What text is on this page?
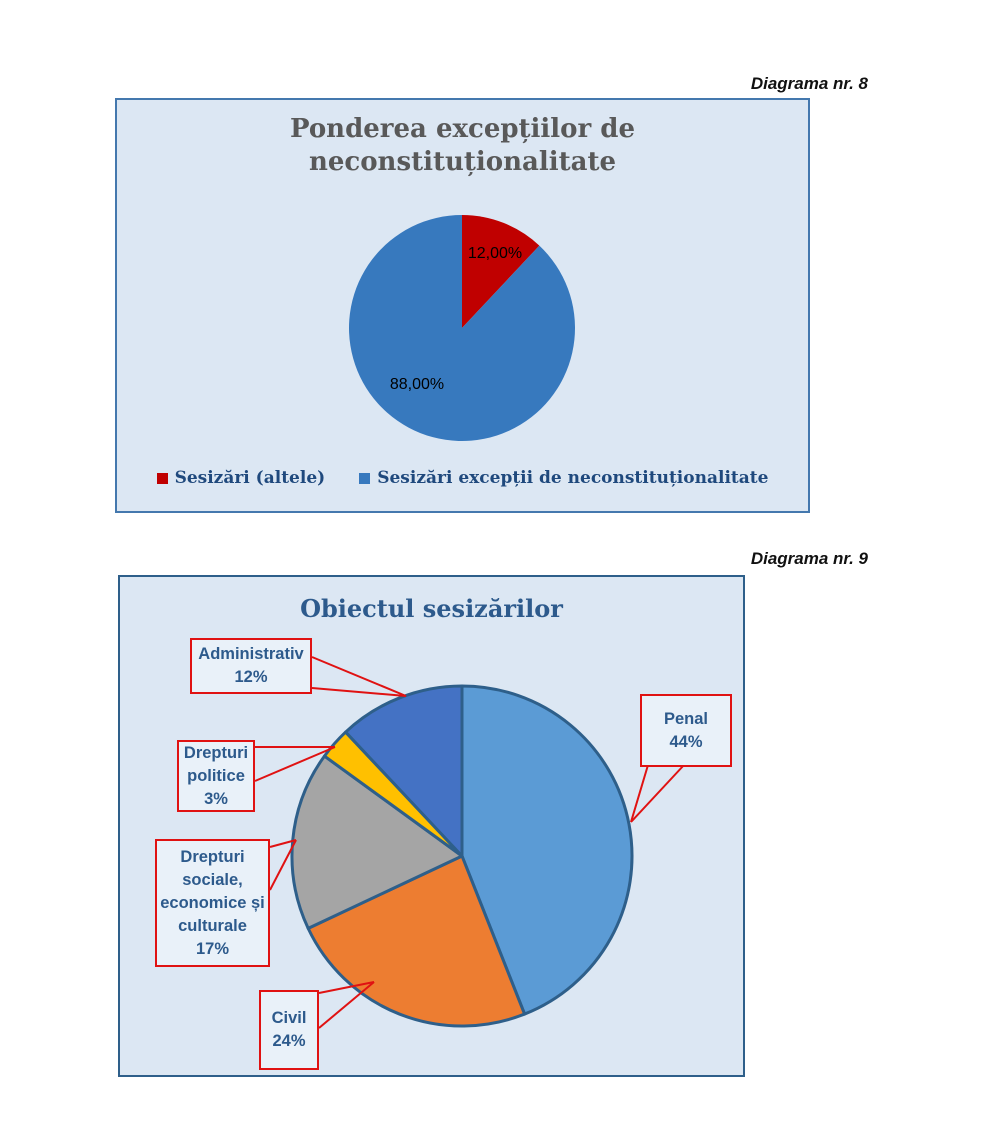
Diagrama nr. 8
Diagrama nr. 9
Ponderea excepțiilor de
neconstituționalitate
12,00%
88,00%
Sesizări (altele)	Sesizări excepții de neconstituționalitate
Obiectul sesizărilor
Administrativ
12%
Drepturi
politice
3%
Drepturi
sociale,
economice și
culturale
17%
Civil
24%
Penal
44%
